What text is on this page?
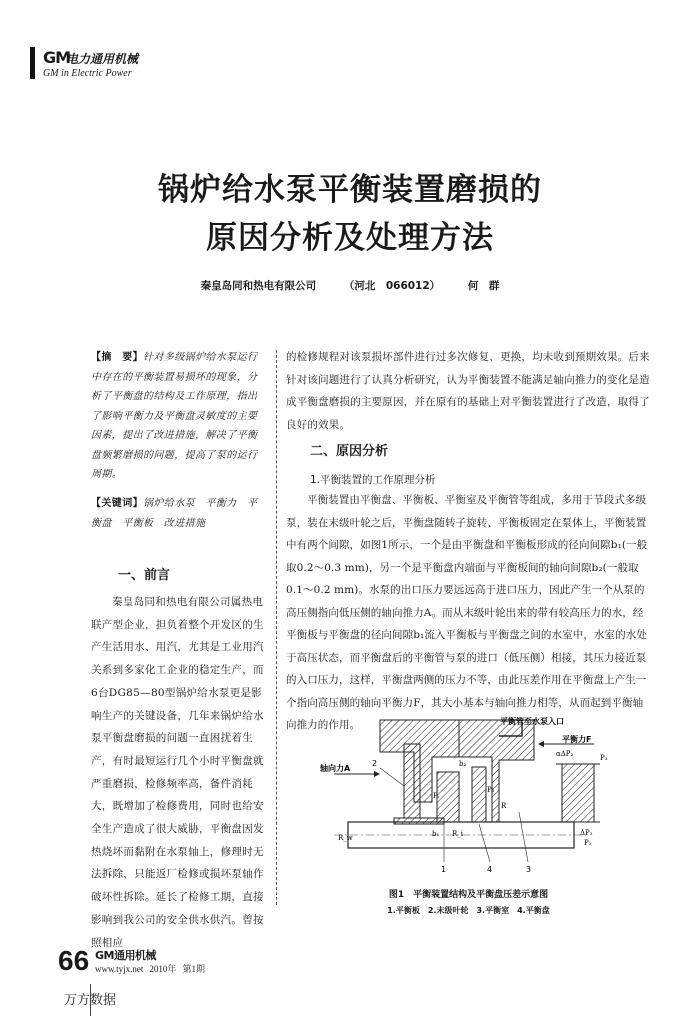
GM
电力通用机械
GM in Electric Power
锅炉给水泵平衡装置磨损的
原因分析及处理方法
秦皇岛同和热电有限公司	（河北　066012）	何　群
【摘　要】针对多级锅炉给水泵运行中存在的平衡装置易损坏的现象，分析了平衡盘的结构及工作原理，指出了影响平衡力及平衡盘灵敏度的主要因素，提出了改进措施，解决了平衡盘频繁磨损的问题，提高了泵的运行周期。
【关键词】锅炉给水泵　平衡力　平衡盘　平衡板　改进措施
一、前言
秦皇岛同和热电有限公司属热电联产型企业，担负着整个开发区的生产生活用水、用汽，尤其是工业用汽关系到多家化工企业的稳定生产，而6台DG85—80型锅炉给水泵更是影响生产的关键设备，几年来锅炉给水泵平衡盘磨损的问题一直困扰着生产，有时最短运行几个小时平衡盘就严重磨损，检修频率高，备件消耗大，既增加了检修费用，同时也给安全生产造成了很大威胁，平衡盘因发热烧坏而黏附在水泵轴上，修理时无法拆除，只能返厂检修或损坏泵轴作破坏性拆除。延长了检修工期，直接影响到我公司的安全供水供汽。曾按照相应
的检修规程对该泵损坏部件进行过多次修复、更换，均未收到预期效果。后来针对该问题进行了认真分析研究，认为平衡装置不能满足轴向推力的变化是造成平衡盘磨损的主要原因，并在原有的基础上对平衡装置进行了改造，取得了良好的效果。
二、原因分析
1.平衡装置的工作原理分析
平衡装置由平衡盘、平衡板、平衡室及平衡管等组成，多用于节段式多级泵，装在末级叶轮之后，平衡盘随转子旋转、平衡板固定在泵体上，平衡装置中有两个间隙，如图1所示，一个是由平衡盘和平衡板形成的径向间隙b₁(一般取0.2～0.3 mm)，另一个是平衡盘内端面与平衡板间的轴向间隙b₂(一般取0.1～0.2 mm)。水泵的出口压力要远远高于进口压力，因此产生一个从泵的高压侧指向低压侧的轴向推力A。而从末级叶轮出来的带有较高压力的水，经平衡板与平衡盘的径向间隙b₁流入平衡板与平衡盘之间的水室中，水室的水处于高压状态，而平衡盘后的平衡管与泵的进口（低压侧）相接，其压力接近泵的入口压力，这样，平衡盘两侧的压力不等，由此压差作用在平衡盘上产生一个指向高压侧的轴向平衡力F，其大小基本与轴向推力相等，从而起到平衡轴向推力的作用。	平衡管至水泵入口
平衡力F
轴向力A
P₃
αΔP₂
ΔP₂
P₂
Pᵢ
P₁
b₁
b₂
R_w	R_i
R
1
2
3
4
图1　平衡装置结构及平衡盘压差示意图
1.平衡板　2.末级叶轮　3.平衡室　4.平衡盘
66 GM通用机械
www.tyjx.net 2010年 第1期
万方数据
